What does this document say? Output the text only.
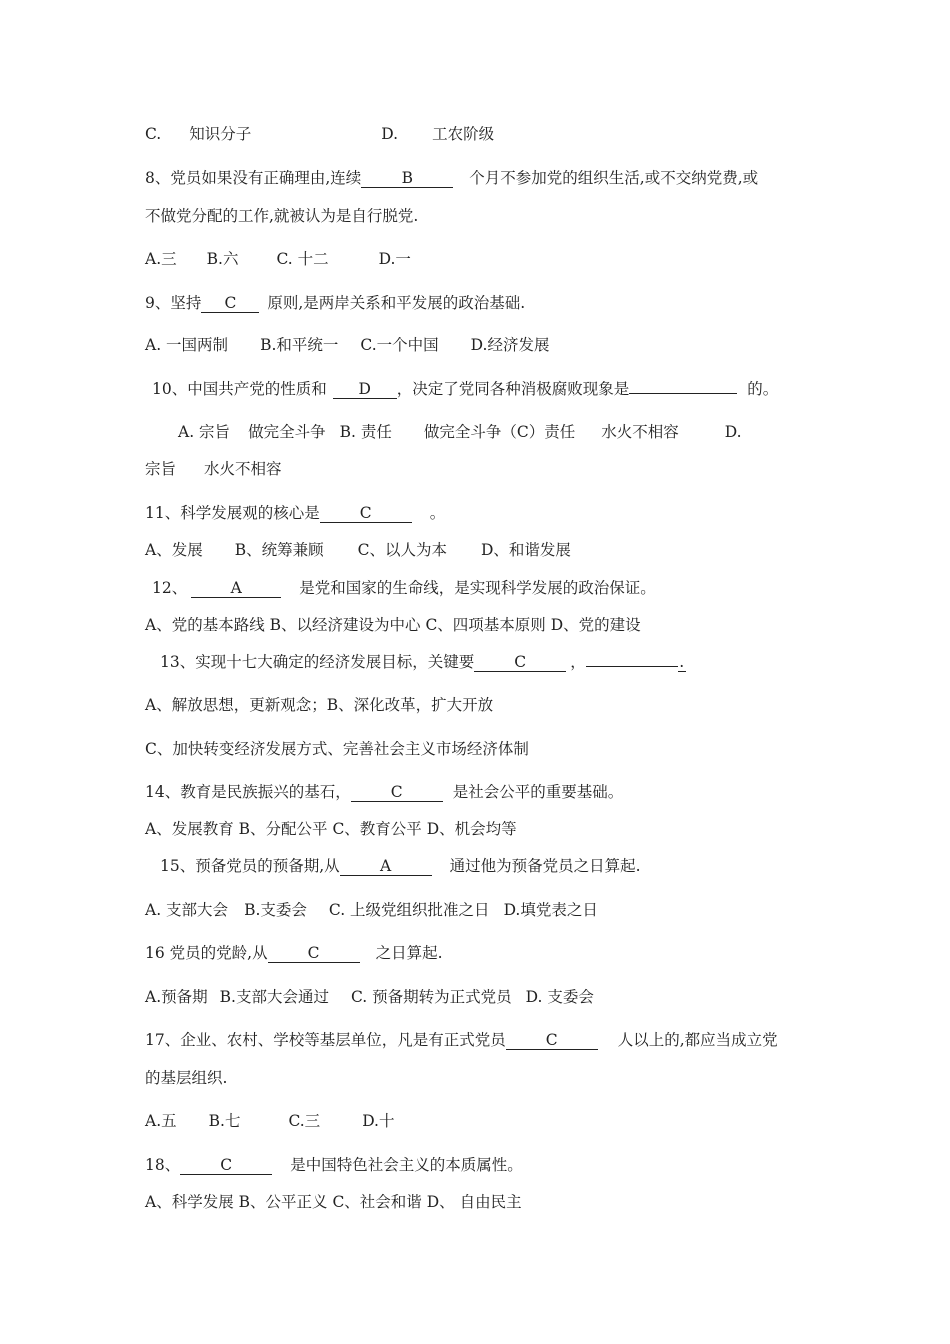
C. 知识分子	D. 工农阶级
8、党员如果没有正确理由,连续	B	个月不参加党的组织生活,或不交纳党费,或
不做党分配的工作,就被认为是自行脱党.
A.三 B.六 C. 十二	D.一
9、坚持 C 原则,是两岸关系和平发展的政治基础.
A. 一国两制 B.和平统一 C.一个中国 D.经济发展
10、中国共产党的性质和 D ，决定了党同各种消极腐败现象是	的。
A. 宗旨 做完全斗争 B. 责任 做完全斗争（C）责任 水火不相容	D.
宗旨 水火不相容
11、科学发展观的核心是	C	。
A、发展 B、统筹兼顾 C、以人为本 D、和谐发展
12、	A	是党和国家的生命线，是实现科学发展的政治保证。
A、党的基本路线 B、以经济建设为中心 C、四项基本原则 D、党的建设
13、实现十七大确定的经济发展目标，关键要	C	，	.
A、解放思想，更新观念；B、深化改革，扩大开放
C、加快转变经济发展方式、完善社会主义市场经济体制
14、教育是民族振兴的基石，	C	是社会公平的重要基础。
A、发展教育 B、分配公平 C、教育公平 D、机会均等
15、预备党员的预备期,从	A	通过他为预备党员之日算起.
A. 支部大会 B.支委会 C. 上级党组织批准之日 D.填党表之日
16 党员的党龄,从	C	之日算起.
A.预备期 B.支部大会通过 C. 预备期转为正式党员 D. 支委会
17、企业、农村、学校等基层单位，凡是有正式党员	C	人以上的,都应当成立党
的基层组织.
A.五 B.七	C.三	D.十
18、	C	是中国特色社会主义的本质属性。
A、科学发展 B、公平正义 C、社会和谐 D、 自由民主
